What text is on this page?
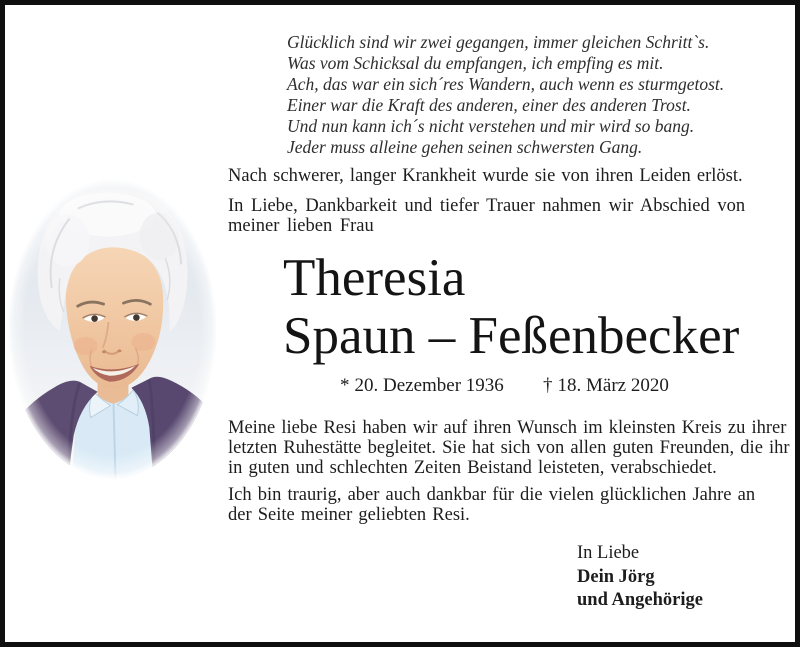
Glücklich sind wir zwei gegangen, immer gleichen Schritt`s.
Was vom Schicksal du empfangen, ich empfing es mit.
Ach, das war ein sich´res Wandern, auch wenn es sturmgetost.
Einer war die Kraft des anderen, einer des anderen Trost.
Und nun kann ich´s nicht verstehen und mir wird so bang.
Jeder muss alleine gehen seinen schwersten Gang.
Nach schwerer, langer Krankheit wurde sie von ihren Leiden erlöst.
In Liebe, Dankbarkeit und tiefer Trauer nahmen wir Abschied von
meiner lieben Frau
Theresia
Spaun – Feßenbecker
* 20. Dezember 1936 † 18. März 2020
Meine liebe Resi haben wir auf ihren Wunsch im kleinsten Kreis zu ihrer
letzten Ruhestätte begleitet. Sie hat sich von allen guten Freunden, die ihr
in guten und schlechten Zeiten Beistand leisteten, verabschiedet.
Ich bin traurig, aber auch dankbar für die vielen glücklichen Jahre an
der Seite meiner geliebten Resi.
In Liebe
Dein Jörg
und Angehörige
